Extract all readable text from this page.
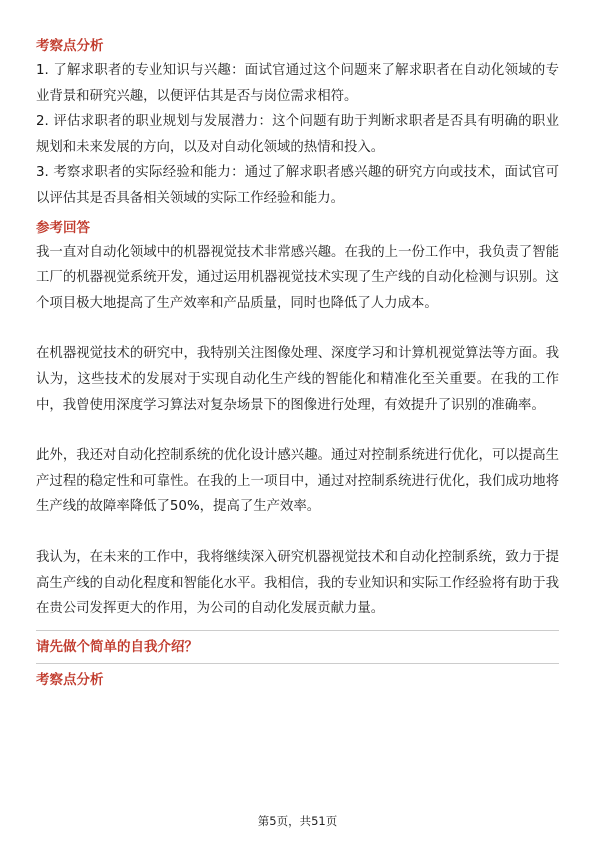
考察点分析

1. 了解求职者的专业知识与兴趣：面试官通过这个问题来了解求职者在自动化领域的专业背景和研究兴趣，以便评估其是否与岗位需求相符。

2. 评估求职者的职业规划与发展潜力：这个问题有助于判断求职者是否具有明确的职业规划和未来发展的方向，以及对自动化领域的热情和投入。

3. 考察求职者的实际经验和能力：通过了解求职者感兴趣的研究方向或技术，面试官可以评估其是否具备相关领域的实际工作经验和能力。

参考回答

我一直对自动化领域中的机器视觉技术非常感兴趣。在我的上一份工作中，我负责了智能工厂的机器视觉系统开发，通过运用机器视觉技术实现了生产线的自动化检测与识别。这个项目极大地提高了生产效率和产品质量，同时也降低了人力成本。

在机器视觉技术的研究中，我特别关注图像处理、深度学习和计算机视觉算法等方面。我认为，这些技术的发展对于实现自动化生产线的智能化和精准化至关重要。在我的工作中，我曾使用深度学习算法对复杂场景下的图像进行处理，有效提升了识别的准确率。

此外，我还对自动化控制系统的优化设计感兴趣。通过对控制系统进行优化，可以提高生产过程的稳定性和可靠性。在我的上一项目中，通过对控制系统进行优化，我们成功地将生产线的故障率降低了50%，提高了生产效率。

我认为，在未来的工作中，我将继续深入研究机器视觉技术和自动化控制系统，致力于提高生产线的自动化程度和智能化水平。我相信，我的专业知识和实际工作经验将有助于我在贵公司发挥更大的作用，为公司的自动化发展贡献力量。

请先做个简单的自我介绍？
考察点分析
第5页，共51页
